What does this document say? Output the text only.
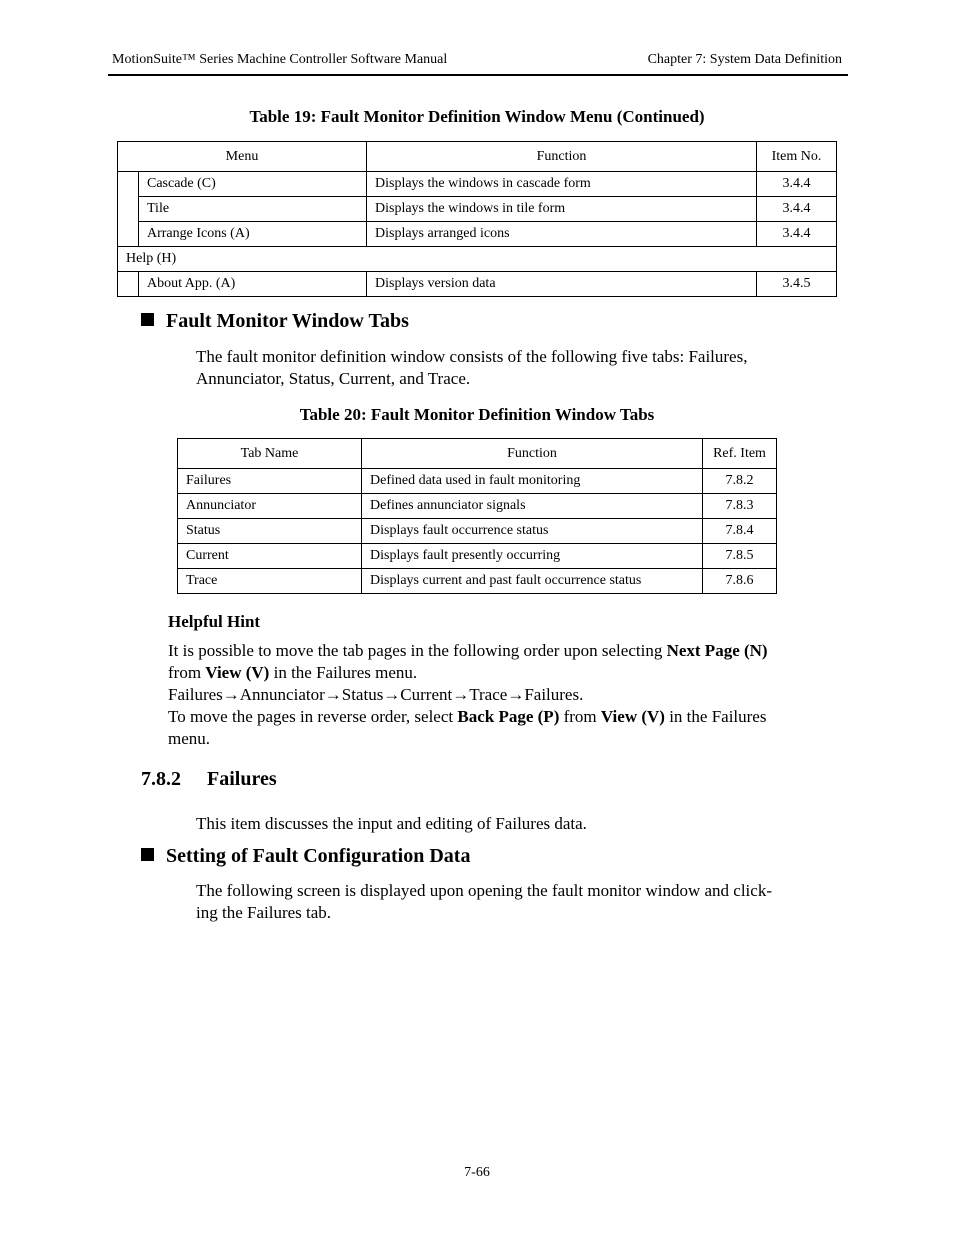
MotionSuite™ Series Machine Controller Software Manual	Chapter 7: System Data Definition
Table 19: Fault Monitor Definition Window Menu (Continued)
Menu		Function	Item No.
	Cascade (C)	Displays the windows in cascade form	3.4.4
	Tile	Displays the windows in tile form	3.4.4
	Arrange Icons (A)	Displays arranged icons	3.4.4
Help (H)			
	About App. (A)	Displays version data	3.4.5
Fault Monitor Window Tabs
The fault monitor definition window consists of the following five tabs: Failures,
Annunciator, Status, Current, and Trace.
Table 20: Fault Monitor Definition Window Tabs
Tab Name	Function	Ref. Item
Failures	Defined data used in fault monitoring	7.8.2
Annunciator	Defines annunciator signals	7.8.3
Status	Displays fault occurrence status	7.8.4
Current	Displays fault presently occurring	7.8.5
Trace	Displays current and past fault occurrence status	7.8.6
Helpful Hint
It is possible to move the tab pages in the following order upon selecting Next Page (N)
from View (V) in the Failures menu.
Failures→Annunciator→Status→Current→Trace→Failures.
To move the pages in reverse order, select Back Page (P) from View (V) in the Failures
menu.
7.8.2 Failures
This item discusses the input and editing of Failures data.
Setting of Fault Configuration Data
The following screen is displayed upon opening the fault monitor window and click-
ing the Failures tab.
7-66
